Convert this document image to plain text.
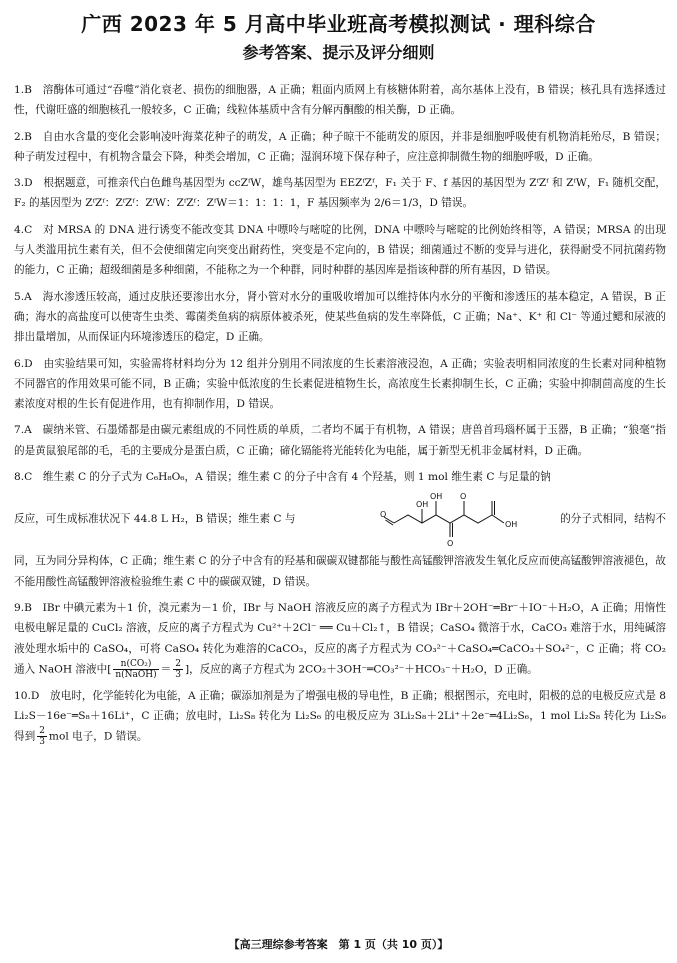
广西 2023 年 5 月高中毕业班高考模拟测试 · 理科综合
参考答案、提示及评分细则

1.B　 溶酶体可通过“吞噬”消化衰老、损伤的细胞器，A 正确；粗面内质网上有核糖体附着，高尔基体上没有，B 错误；核孔具有选择透过性，代谢旺盛的细胞核孔一般较多，C 正确；线粒体基质中含有分解丙酮酸的相关酶，D 正确。

2.B　 自由水含量的变化会影响凌叶海菜花种子的萌发，A 正确；种子晾干不能萌发的原因，并非是细胞呼吸使有机物消耗殆尽，B 错误；种子萌发过程中，有机物含量会下降，种类会增加，C 正确；湿润环境下保存种子，应注意抑制微生物的细胞呼吸，D 正确。

3.D　 根据题意，可推亲代白色雌鸟基因型为 ccZᶠW，雄鸟基因型为 EEZᶠZᶠ，F₁ 关于 F、f 基因的基因型为 ZᶠZᶠ 和 ZᶠW，F₁ 随机交配，F₂ 的基因型为 ZᶠZᶠ：ZᶠZᶠ：ZᶠW：ZᶠZᶠ：ZᶠW＝1：1：1：1，F 基因频率为 2/6＝1/3，D 错误。

4.C　 对 MRSA 的 DNA 进行诱变不能改变其 DNA 中嘌呤与嘧啶的比例，DNA 中嘌呤与嘧啶的比例始终相等，A 错误；MRSA 的出现与人类滥用抗生素有关，但不会使细菌定向突变出耐药性，突变是不定向的，B 错误；细菌通过不断的变异与进化，获得耐受不同抗菌药物的能力，C 正确；超级细菌是多种细菌，不能称之为一个种群，同时种群的基因库是指该种群的所有基因，D 错误。

5.A　 海水渗透压较高，通过皮肤还要渗出水分，肾小管对水分的重吸收增加可以维持体内水分的平衡和渗透压的基本稳定，A 错误，B 正确；海水的高盐度可以使寄生虫类、霉菌类鱼病的病原体被杀死，使某些鱼病的发生率降低，C 正确；Na⁺、K⁺ 和 Cl⁻ 等通过鳃和尿液的排出量增加，从而保证内环境渗透压的稳定，D 正确。

6.D　 由实验结果可知，实验需将材料均分为 12 组并分别用不同浓度的生长素溶液浸泡，A 正确；实验表明相同浓度的生长素对同种植物不同器官的作用效果可能不同，B 正确；实验中低浓度的生长素促进植物生长，高浓度生长素抑制生长，C 正确；实验中抑制茴高度的生长素浓度对根的生长有促进作用，也有抑制作用，D 错误。

7.A　 碳纳米管、石墨烯都是由碳元素组成的不同性质的单质，二者均不属于有机物，A 错误；唐兽首玛瑙杯属于玉器，B 正确；“狼毫”指的是黄鼠狼尾部的毛，毛的主要成分是蛋白质，C 正确；碲化镉能将光能转化为电能，属于新型无机非金属材料，D 正确。

8.C　 维生素 C 的分子式为 C₆H₈O₆，A 错误；维生素 C 的分子中含有 4 个羟基，则 1 mol 维生素 C 与足量的钠

反应，可生成标准状况下 44.8 L H₂，B 错误；维生素 C 与	O
OH
OH
O
O
OH	的分子式相同，结构不

同，互为同分异构体，C 正确；维生素 C 的分子中含有的羟基和碳碳双键都能与酸性高锰酸钾溶液发生氧化反应而使高锰酸钾溶液褪色，故不能用酸性高锰酸钾溶液检验维生素 C 中的碳碳双键，D 错误。

9.B　 IBr 中碘元素为＋1 价，溴元素为－1 价，IBr 与 NaOH 溶液反应的离子方程式为 IBr＋2OH⁻═Br⁻＋IO⁻＋H₂O，A 正确；用惰性电极电解足量的 CuCl₂ 溶液，反应的离子方程式为 Cu²⁺＋2Cl⁻ ══ Cu＋Cl₂↑，B 错误；CaSO₄ 微溶于水，CaCO₃ 难溶于水，用纯碱溶液处理水垢中的 CaSO₄，可将 CaSO₄ 转化为难溶的CaCO₃，反应的离子方程式为 CO₃²⁻＋CaSO₄═CaCO₃＋SO₄²⁻，C 正确；将 CO₂ 通入 NaOH 溶液中[ $\frac{\text{n(CO₂)}}{\text{n(NaOH)}} = \frac{2}{3}$ ]，反应的离子方程式为 2CO₂＋3OH⁻═CO₃²⁻＋HCO₃⁻＋H₂O，D 正确。

10.D　 放电时，化学能转化为电能，A 正确；碳添加剂是为了增强电极的导电性，B 正确；根据图示，充电时，阳极的总的电极反应式是 8Li₂S－16e⁻═S₈＋16Li⁺，C 正确；放电时，Li₂S₈ 转化为 Li₂S₆ 的电极反应为 3Li₂S₈＋2Li⁺＋2e⁻═4Li₂S₆，1 mol Li₂S₈ 转化为 Li₂S₆ 得到 $\frac{2}{3}$ mol 电子，D 错误。

【高三理综参考答案　第 1 页（共 10 页）】
